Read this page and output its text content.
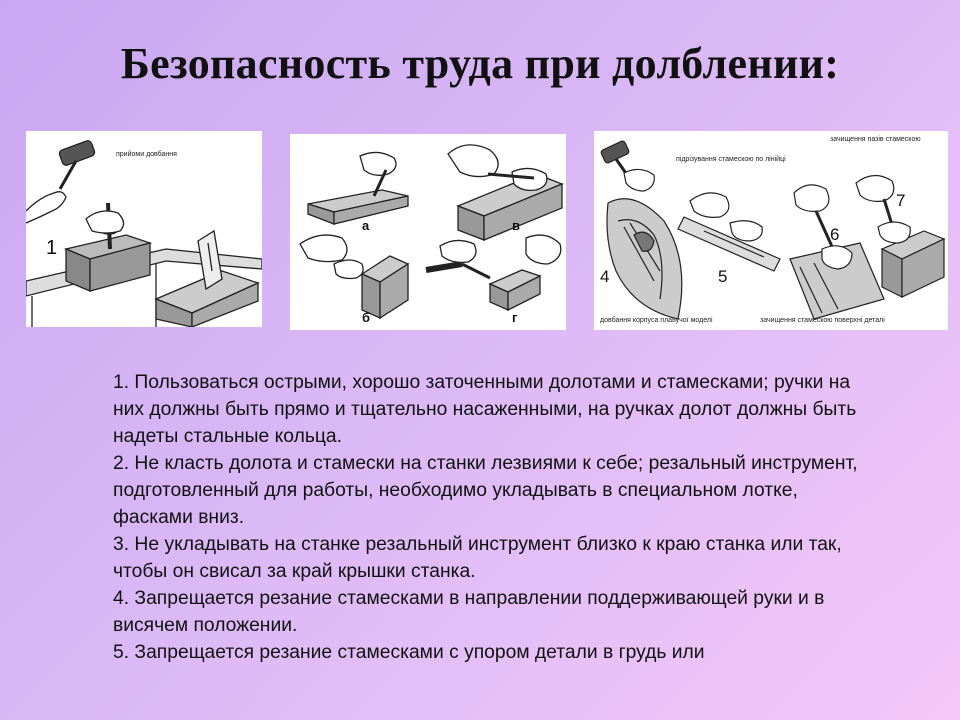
Безопасность труда при долблении:
прийоми довбання
1
а	в
б	г
зачищення пазів стамескою
підрізування стамескою по лінійці
довбання корпуса плавучої моделі	зачищення стамескою поверхні деталі
4	5
6
7

1. Пользоваться острыми, хорошо заточенными долотами и стамесками; ручки на них должны быть прямо и тщательно насаженными, на ручках долот должны быть надеты стальные кольца.

2. Не класть долота и стамески на станки лезвиями к себе; резальный инструмент, подготовленный для работы, необходимо укладывать в специальном лотке, фасками вниз.

3. Не укладывать на станке резальный инструмент близко к краю станка или так, чтобы он свисал за край крышки станка.

4. Запрещается резание стамесками в направлении поддерживающей руки и в висячем положении.

5. Запрещается резание стамесками с упором детали в грудь или
